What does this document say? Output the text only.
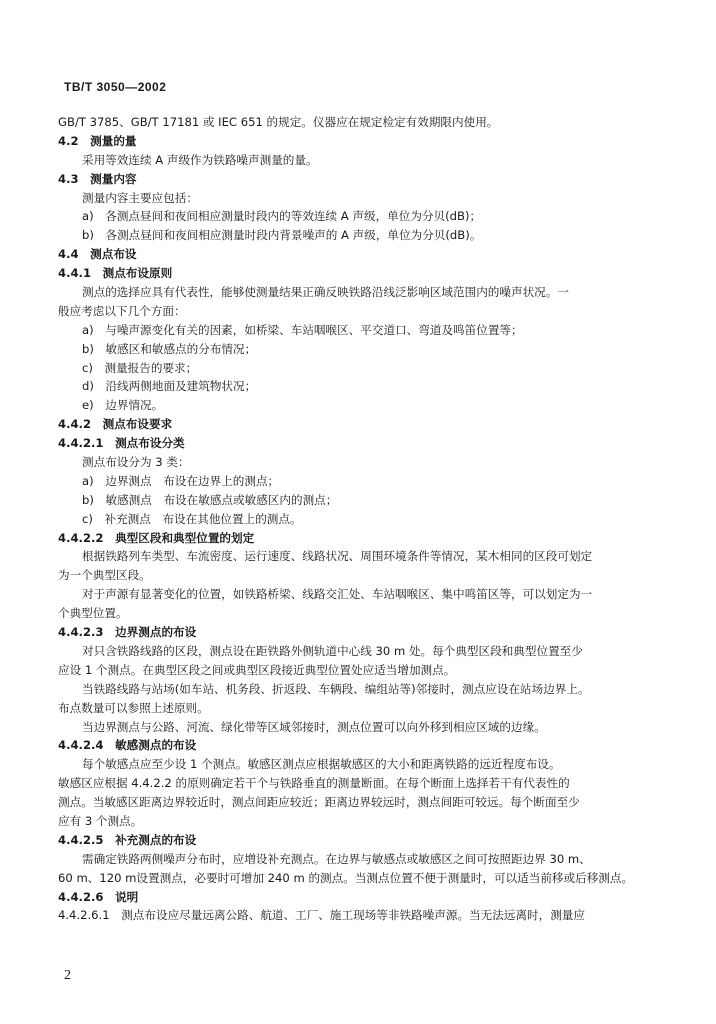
TB/T 3050—2002
GB/T 3785、GB/T 17181 或 IEC 651 的规定。仪器应在规定检定有效期限内使用。
4.2　测量的量
采用等效连续 A 声级作为铁路噪声测量的量。
4.3　测量内容
测量内容主要应包括：
a)　各测点昼间和夜间相应测量时段内的等效连续 A 声级，单位为分贝(dB)；
b)　各测点昼间和夜间相应测量时段内背景噪声的 A 声级，单位为分贝(dB)。
4.4　测点布设
4.4.1　测点布设原则
测点的选择应具有代表性，能够使测量结果正确反映铁路沿线泛影响区域范围内的噪声状况。一
般应考虑以下几个方面：
a)　与噪声源变化有关的因素，如桥梁、车站咽喉区、平交道口、弯道及鸣笛位置等；
b)　敏感区和敏感点的分布情况；
c)　测量报告的要求；
d)　沿线两侧地面及建筑物状况；
e)　边界情况。
4.4.2　测点布设要求
4.4.2.1　测点布设分类
测点布设分为 3 类：
a)　边界测点　布设在边界上的测点；
b)　敏感测点　布设在敏感点或敏感区内的测点；
c)　补充测点　布设在其他位置上的测点。
4.4.2.2　典型区段和典型位置的划定
根据铁路列车类型、车流密度、运行速度、线路状况、周围环境条件等情况，某木相同的区段可划定
为一个典型区段。
对于声源有显著变化的位置，如铁路桥梁、线路交汇处、车站咽喉区、集中鸣笛区等，可以划定为一
个典型位置。
4.4.2.3　边界测点的布设
对只含铁路线路的区段，测点设在距铁路外侧轨道中心线 30 m 处。每个典型区段和典型位置至少
应设 1 个测点。在典型区段之间或典型区段接近典型位置处应适当增加测点。
当铁路线路与站场(如车站、机务段、折返段、车辆段、编组站等)邻接时，测点应设在站场边界上。
布点数量可以参照上述原则。
当边界测点与公路、河流、绿化带等区域邻接时，测点位置可以向外移到相应区域的边缘。
4.4.2.4　敏感测点的布设
每个敏感点应至少设 1 个测点。敏感区测点应根据敏感区的大小和距离铁路的远近程度布设。
敏感区应根据 4.4.2.2 的原则确定若干个与铁路垂直的测量断面。在每个断面上选择若干有代表性的
测点。当敏感区距离边界较近时，测点间距应较近；距离边界较远时，测点间距可较远。每个断面至少
应有 3 个测点。
4.4.2.5　补充测点的布设
需确定铁路两侧噪声分布时，应増设补充测点。在边界与敏感点或敏感区之间可按照距边界 30 m、
60 m、120 m设置测点，必要时可增加 240 m 的测点。当测点位置不便于测量时，可以适当前移或后移测点。
4.4.2.6　说明
4.4.2.6.1　测点布设应尽量远离公路、航道、工厂、施工现场等非铁路噪声源。当无法远离时，测量应
2
